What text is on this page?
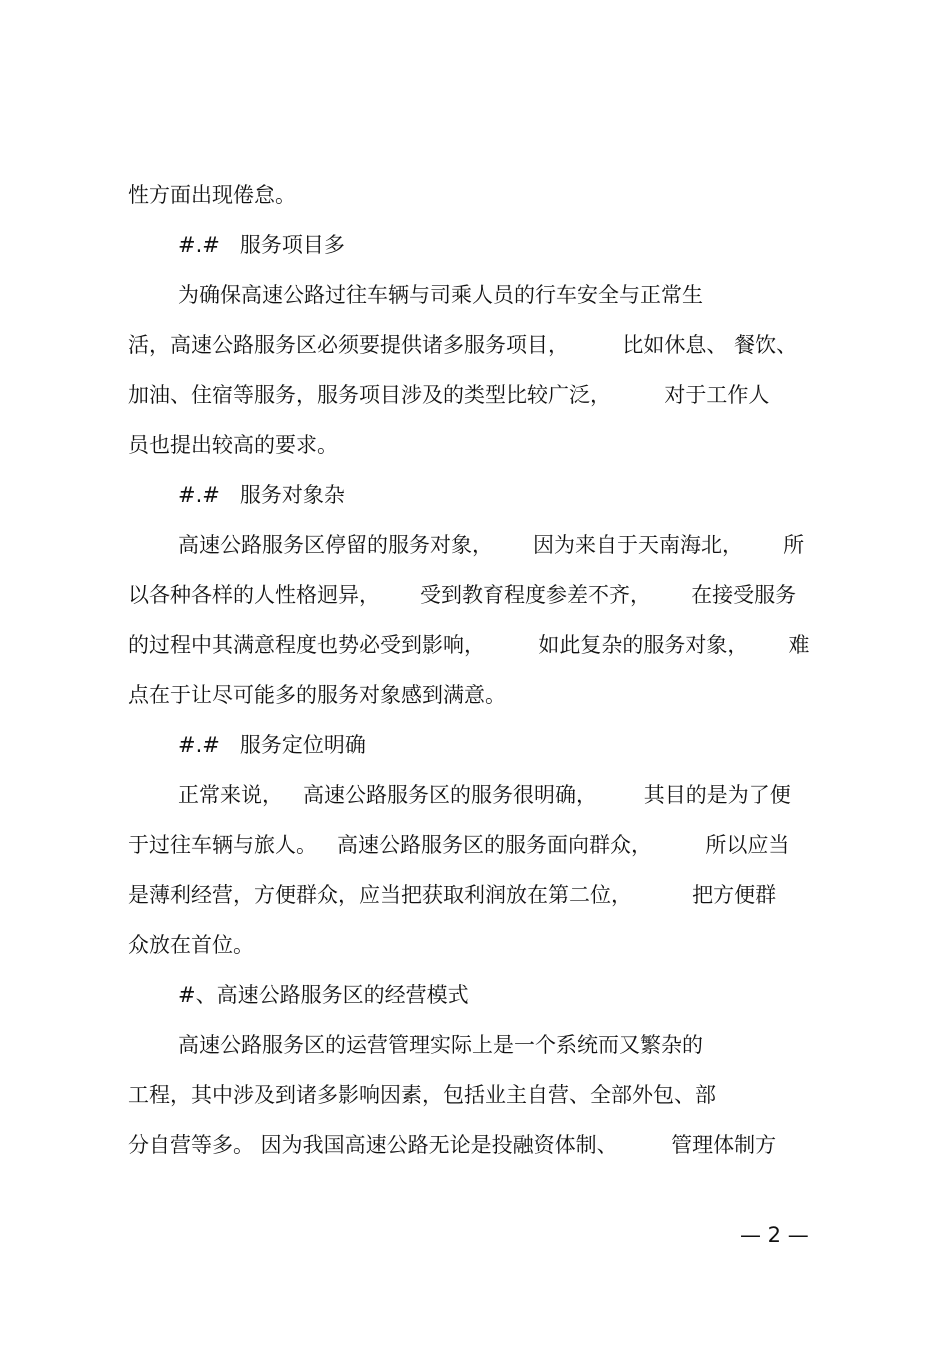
性方面出现倦怠。

#.#   服务项目多

为确保高速公路过往车辆与司乘人员的行车安全与正常生

活，高速公路服务区必须要提供诸多服务项目，        比如休息、 餐饮、

加油、住宿等服务，服务项目涉及的类型比较广泛，        对于工作人

员也提出较高的要求。

#.#   服务对象杂

高速公路服务区停留的服务对象，      因为来自于天南海北，      所

以各种各样的人性格迥异，      受到教育程度参差不齐，      在接受服务

的过程中其满意程度也势必受到影响，        如此复杂的服务对象，      难

点在于让尽可能多的服务对象感到满意。

#.#   服务定位明确

正常来说，   高速公路服务区的服务很明确，       其目的是为了便

于过往车辆与旅人。   高速公路服务区的服务面向群众，        所以应当

是薄利经营，方便群众，应当把获取利润放在第二位，         把方便群

众放在首位。

#、高速公路服务区的经营模式

高速公路服务区的运营管理实际上是一个系统而又繁杂的

工程，其中涉及到诸多影响因素，包括业主自营、全部外包、部

分自营等多。 因为我国高速公路无论是投融资体制、        管理体制方

— 2 —
